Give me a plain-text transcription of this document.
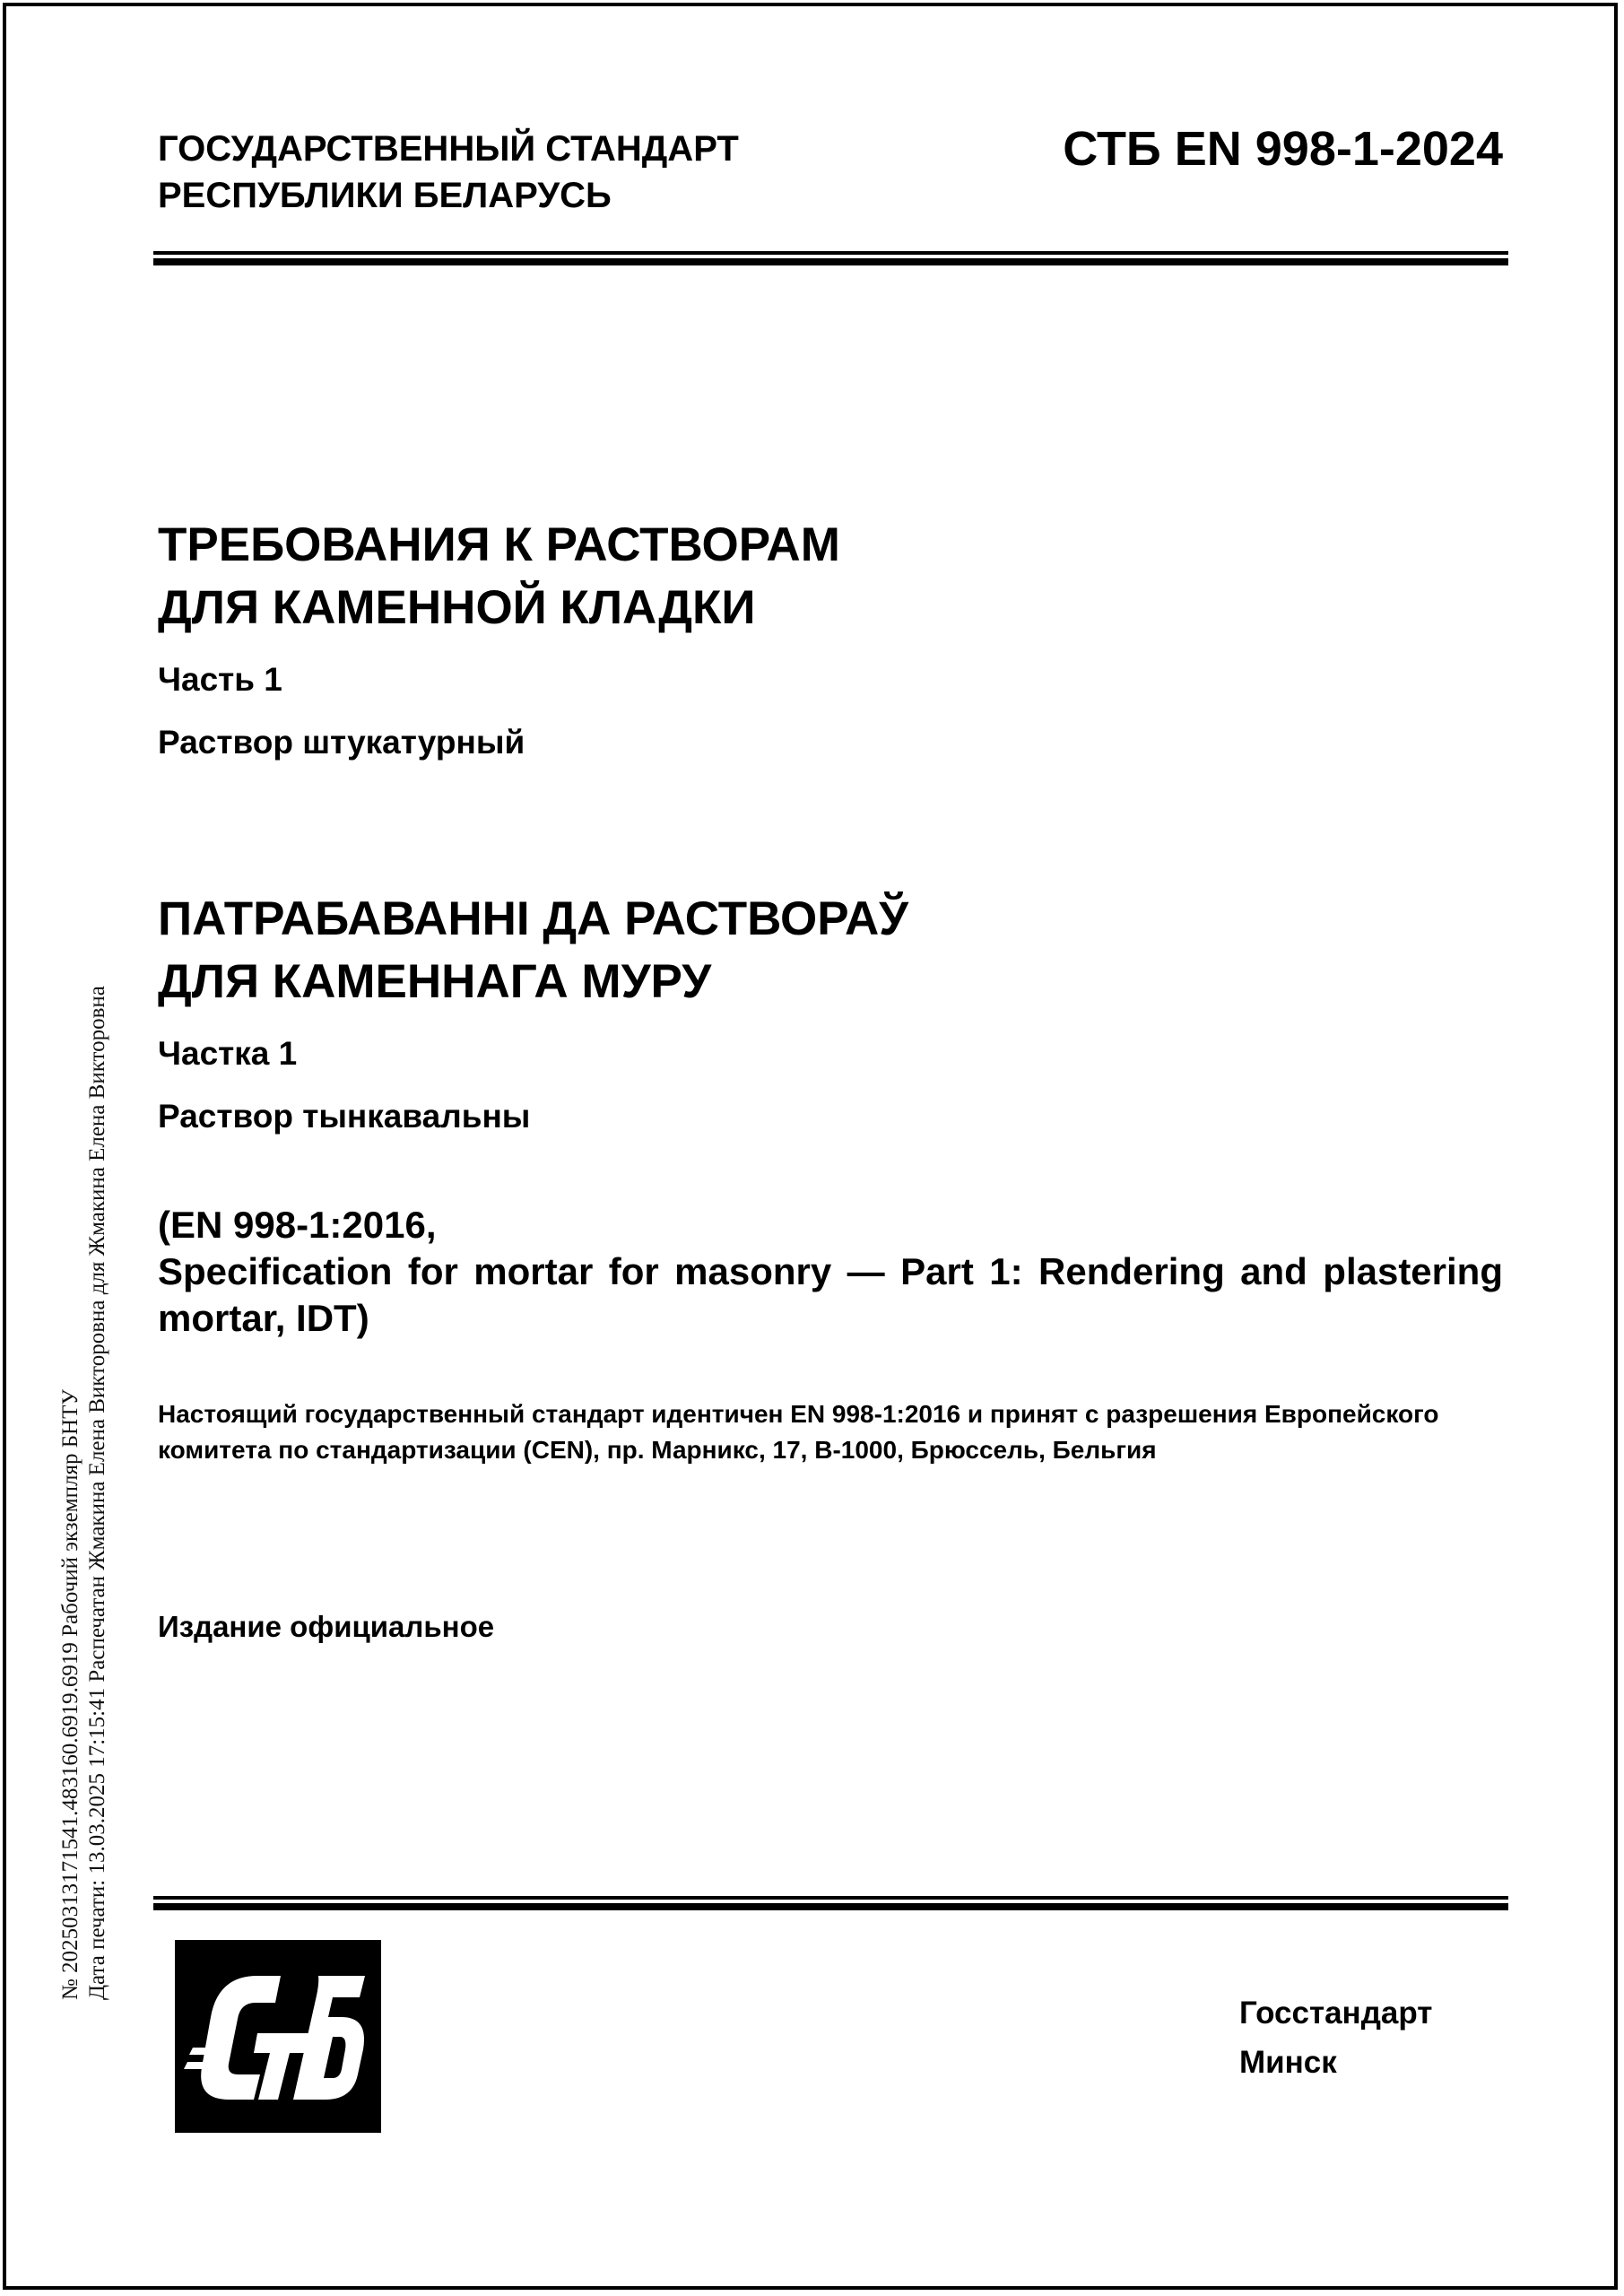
ГОСУДАРСТВЕННЫЙ СТАНДАРТ
РЕСПУБЛИКИ БЕЛАРУСЬ
СТБ EN 998-1-2024
ТРЕБОВАНИЯ К РАСТВОРАМ
ДЛЯ КАМЕННОЙ КЛАДКИ
Часть 1
Раствор штукатурный
ПАТРАБАВАННІ ДА РАСТВОРАЎ
ДЛЯ КАМЕННАГА МУРУ
Частка 1
Раствор тынкавальны
(EN 998-1:2016,
Specification for mortar for masonry — Part 1: Rendering and plastering
mortar, IDT)
Настоящий государственный стандарт идентичен EN 998-1:2016 и принят с разрешения Европейского
комитета по стандартизации (CEN), пр. Марникс, 17, B-1000, Брюссель, Бельгия
Издание официальное
№ 20250313171541.483160.6919.6919 Рабочий экземпляр БНТУ Дата печати: 13.03.2025 17:15:41 Распечатан Жмакина Елена Викторовна для Жмакина Елена Викторовна
Госстандарт
Минск
